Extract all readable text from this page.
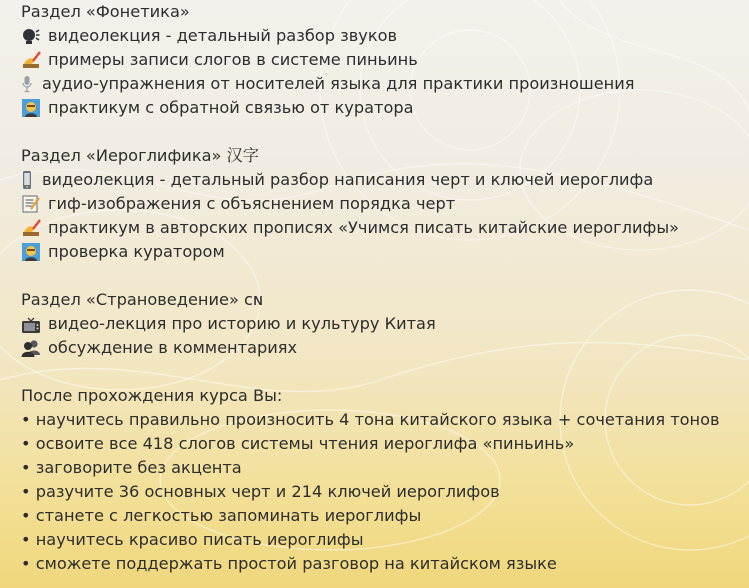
Раздел «Фонетика»
видеолекция - детальный разбор звуков
примеры записи слогов в системе пиньинь
аудио-упражнения от носителей языка для практики произношения
практикум с обратной связью от куратора
Раздел «Иероглифика» 汉字
видеолекция - детальный разбор написания черт и ключей иероглифа
гиф-изображения с объяснением порядка черт
практикум в авторских прописях «Учимся писать китайские иероглифы»
проверка куратором
Раздел «Страноведение» ᴄɴ
видео-лекция про историю и культуру Китая
обсуждение в комментариях
После прохождения курса Вы:
•
научитесь правильно произносить 4 тона китайского языка + сочетания тонов
•
освоите все 418 слогов системы чтения иероглифа «пиньинь»
•
заговорите без акцента
•
разучите 36 основных черт и 214 ключей иероглифов
•
станете с легкостью запоминать иероглифы
•
научитесь красиво писать иероглифы
•
сможете поддержать простой разговор на китайском языке
